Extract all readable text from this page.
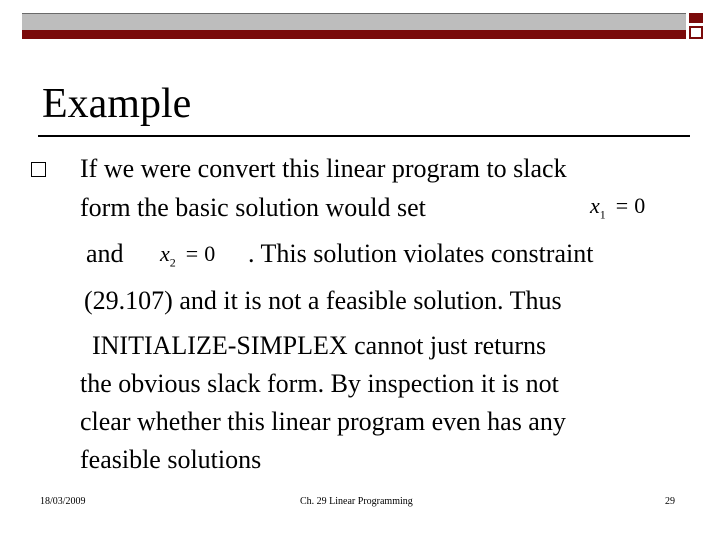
Example
If we were convert this linear program to slack
form the basic solution would set	$x_1 = 0$
and $x_2 = 0$ . This solution violates constraint
(29.107) and it is not a feasible solution. Thus
INITIALIZE-SIMPLEX cannot just returns
the obvious slack form. By inspection it is not
clear whether this linear program even has any
feasible solutions
18/03/2009	Ch. 29 Linear Programming	29
